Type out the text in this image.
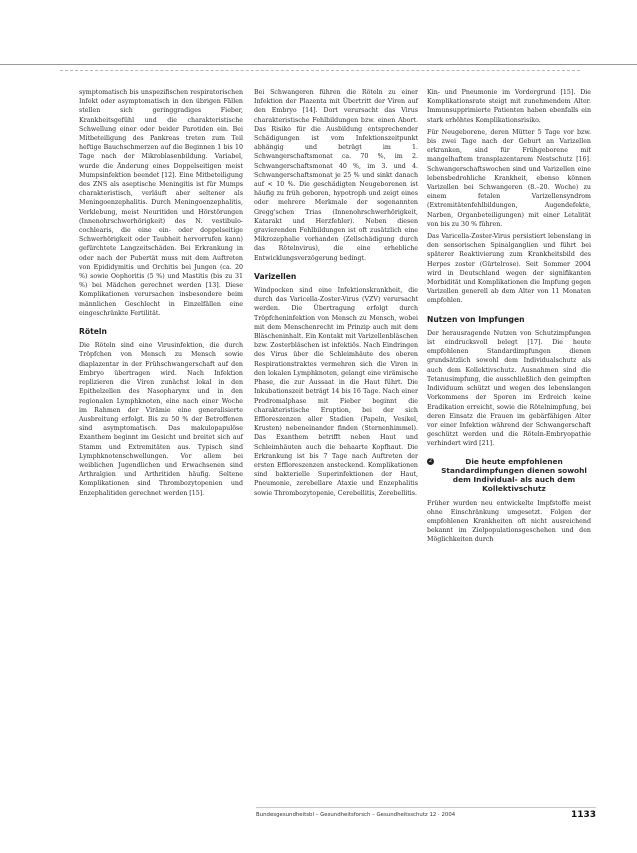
symptomatisch bis unspezifischen respiratorischen Infekt oder asymptomatisch in den übrigen Fällen stellen sich geringgradiges Fieber, Krankheitsgefühl und die charakteristische Schwellung einer oder beider Parotiden ein. Bei Mitbeteiligung des Pankreas treten zum Teil heftige Bauchschmerzen auf die Beginnen 1 bis 10 Tage nach der Mikroblasenbildung. Variabel, wurde die Änderung eines Doppelseitigen meist Mumpsinfektion beendet [12]. Eine Mitbeteiligung des ZNS als aseptische Meningitis ist für Mumps charakteristisch, verläuft aber seltener als Meningoenzephalitis. Durch Meningoenzephalitis, Verklebung, meist Neuritiden und Hörstörungen (Innenohrschwerhörigkeit) des N. vestibulo-cochlearis, die eine ein- oder doppelseitige Schwerhörigkeit oder Taubheit hervorrufen kann) gefürchtete Langzeitschäden. Bei Erkrankung in oder nach der Pubertät muss mit dem Auftreten von Epididymitis und Orchitis bei Jungen (ca. 20 %) sowie Oophoritis (5 %) und Mastitis (bis zu 31 %) bei Mädchen gerechnet werden [13]. Diese Komplikationen verursachen insbesondere beim männlichen Geschlecht in Einzelfällen eine eingeschränkte Fertilität.

Röteln

Die Röteln sind eine Virusinfektion, die durch Tröpfchen von Mensch zu Mensch sowie diaplazentar in der Frühschwangerschaft auf den Embryo übertragen wird. Nach Infektion replizieren die Viren zunächst lokal in den Epithelzellen des Nasopharynx und in den regionalen Lymphknoten, eine nach einer Woche im Rahmen der Virämie eine generalisierte Ausbreitung erfolgt. Bis zu 50 % der Betroffenen sind asymptomatisch. Das makulopapulöse Exanthem beginnt im Gesicht und breitet sich auf Stamm und Extremitäten aus. Typisch sind Lymphknotenschwellungen. Vor allem bei weiblichen Jugendlichen und Erwachsenen sind Arthralgien und Arthritiden häufig. Seltene Komplikationen sind Thrombozytopenien und Enzephalitiden gerechnet werden [15].

Bei Schwangeren führen die Röteln zu einer Infektion der Plazenta mit Übertritt der Viren auf den Embryo [14]. Dort verursacht das Virus charakteristische Fehlbildungen bzw. einen Abort. Das Risiko für die Ausbildung entsprechender Schädigungen ist vom Infektionszeitpunkt abhängig und beträgt im 1. Schwangerschaftsmonat ca. 70 %, im 2. Schwangerschaftsmonat 40 %, im 3. und 4. Schwangerschaftsmonat je 25 % und sinkt danach auf < 10 %. Die geschädigten Neugeborenen ist häufig zu früh geboren, hypotroph und zeigt eines oder mehrere Merkmale der sogenannten Gregg'schen Trias (Innenohrschwerhörigkeit, Katarakt und Herzfehler). Neben diesen gravierenden Fehlbildungen ist oft zusätzlich eine Mikrozephalie vorhanden (Zellschädigung durch das Rötelnvirus), die eine erhebliche Entwicklungsverzögerung bedingt.

Varizellen

Windpocken sind eine Infektionskrankheit, die durch das Varicella-Zoster-Virus (VZV) verursacht werden. Die Übertragung erfolgt durch Tröpfcheninfektion von Mensch zu Mensch, wobei mit dem Menschenrecht im Prinzip auch mit dem Bläscheninhalt. Ein Kontakt mit Varizellenbläschen bzw. Zosterbläschen ist infektiös. Nach Eindringen des Virus über die Schleimhäute des oberen Respirationstraktes vermehren sich die Viren in den lokalen Lymphknoten, gelangt eine virämische Phase, die zur Aussaat in die Haut führt. Die Inkubationszeit beträgt 14 bis 16 Tage. Nach einer Prodromalphase mit Fieber beginnt die charakteristische Eruption, bei der sich Effloreszenzen aller Stadien (Papeln, Vesikel, Krusten) nebeneinander finden (Sternenhimmel). Das Exanthem betrifft neben Haut und Schleimhäuten auch die behaarte Kopfhaut. Die Erkrankung ist bis 7 Tage nach Auftreten der ersten Effloreszenzen ansteckend. Komplikationen sind bakterielle Superinfektionen der Haut, Pneumonie, zerebellare Ataxie und Enzephalitis sowie Thrombozytopenie, Cerebellitis, Zerebellitis.

Kin- und Pneumonie im Vordergrund [15]. Die Komplikationsrate steigt mit zunehmendem Alter. Immunsupprimierte Patienten haben ebenfalls ein stark erhöhtes Komplikationsrisiko.

Für Neugeborene, deren Mütter 5 Tage vor bzw. bis zwei Tage nach der Geburt an Varizellen erkranken, sind für Frühgeborene mit mangelhaftem transplazentarem Nestschutz [16]. Schwangerschaftswochen sind und Varizellen eine lebensbedrohliche Krankheit, ebenso können Varizellen bei Schwangeren (8.–20. Woche) zu einem fetalen Varizellensyndrom (Extremitätenfehlbildungen, Augendefekte, Narben, Organbeteiligungen) mit einer Letalität von bis zu 30 % führen.

Das Varicella-Zoster-Virus persistiert lebenslang in den sensorischen Spinalganglien und führt bei späterer Reaktivierung zum Krankheitsbild des Herpes zoster (Gürtelrose). Seit Sommer 2004 wird in Deutschland wegen der signifikanten Morbidität und Komplikationen die Impfung gegen Varizellen generell ab dem Alter von 11 Monaten empfohlen.

Nutzen von Impfungen

Der herausragende Nutzen von Schutzimpfungen ist eindrucksvoll belegt [17]. Die heute empfohlenen Standardimpfungen dienen grundsätzlich sowohl dem Individualschutz als auch dem Kollektivschutz. Ausnahmen sind die Tetanusimpfung, die ausschließlich den geimpften Individuum schützt und wegen des lebenslangen Vorkommens der Sporen im Erdreich keine Eradikation erreicht, sowie die Rötelnimpfung, bei deren Einsatz die Frauen im gebärfähigen Alter vor einer Infektion während der Schwangerschaft geschützt werden und die Röteln-Embryopathie verhindert wird [21].

2	Die heute empfohlenen Standardimpfungen dienen sowohl dem Individual- als auch dem Kollektivschutz

Früher wurden neu entwickelte Impfstoffe meist ohne Einschränkung umgesetzt. Folgen der empfohlenen Krankheiten oft nicht ausreichend bekannt im Zielpopulationsgeschehen und den Möglichkeiten durch

Bundesgesundheitsbl – Gesundheitsforsch – Gesundheitsschutz 12 · 2004	1133
